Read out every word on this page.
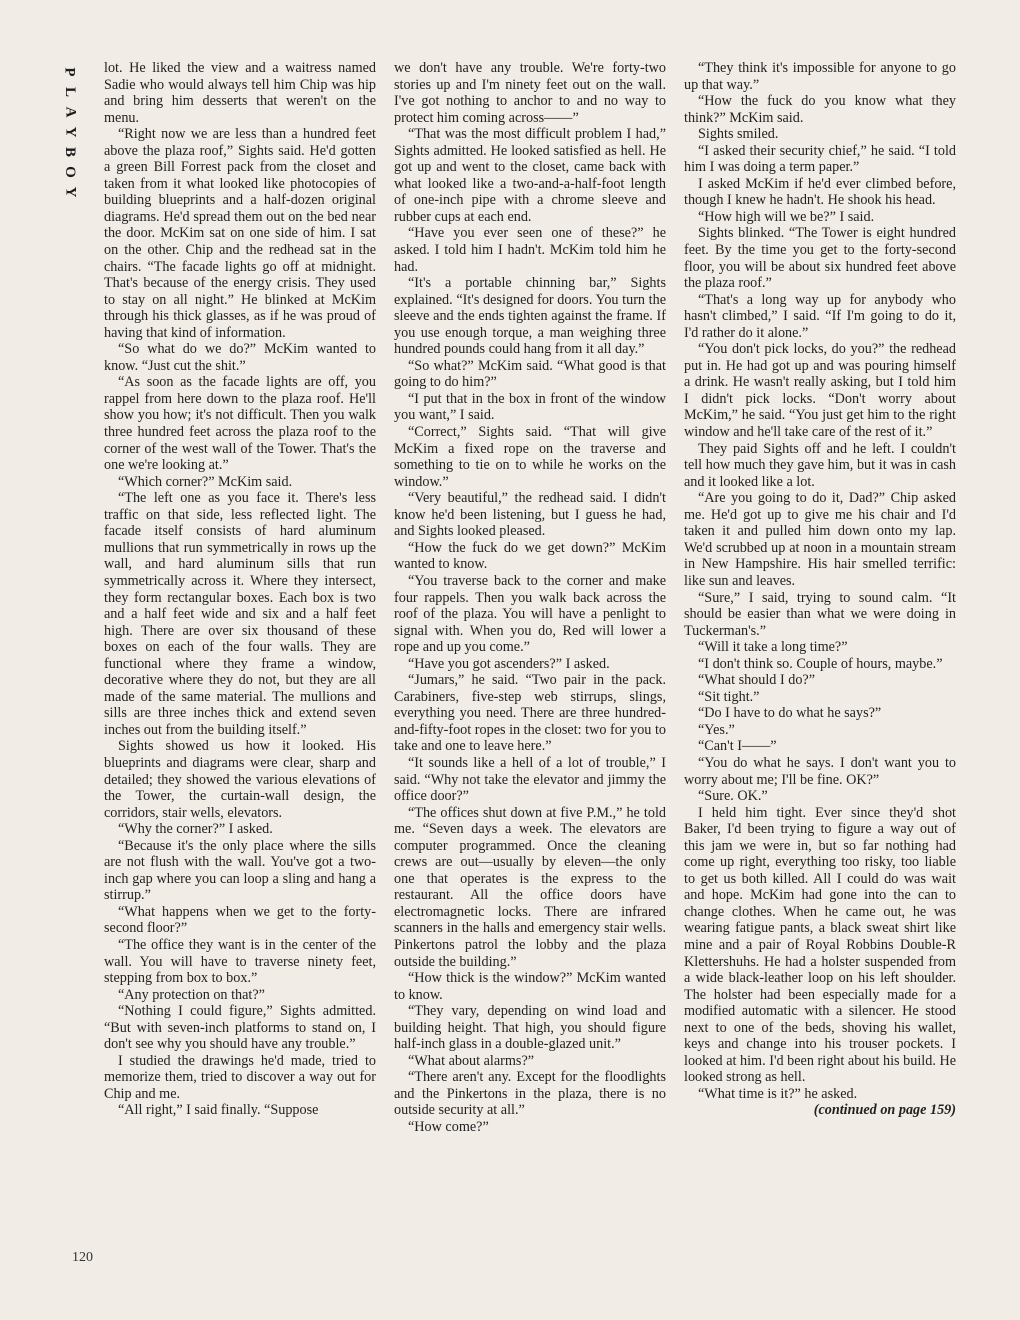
P
L
A
Y
B
O
Y

lot. He liked the view and a waitress named Sadie who would always tell him Chip was hip and bring him desserts that weren't on the menu.

“Right now we are less than a hundred feet above the plaza roof,” Sights said. He'd gotten a green Bill Forrest pack from the closet and taken from it what looked like photocopies of building blueprints and a half-dozen original diagrams. He'd spread them out on the bed near the door. McKim sat on one side of him. I sat on the other. Chip and the redhead sat in the chairs. “The facade lights go off at midnight. That's because of the energy crisis. They used to stay on all night.” He blinked at McKim through his thick glasses, as if he was proud of having that kind of information.

“So what do we do?” McKim wanted to know. “Just cut the shit.”

“As soon as the facade lights are off, you rappel from here down to the plaza roof. He'll show you how; it's not difficult. Then you walk three hundred feet across the plaza roof to the corner of the west wall of the Tower. That's the one we're looking at.”

“Which corner?” McKim said.

“The left one as you face it. There's less traffic on that side, less reflected light. The facade itself consists of hard aluminum mullions that run symmetrically in rows up the wall, and hard aluminum sills that run symmetrically across it. Where they intersect, they form rectangular boxes. Each box is two and a half feet wide and six and a half feet high. There are over six thousand of these boxes on each of the four walls. They are functional where they frame a window, decorative where they do not, but they are all made of the same material. The mullions and sills are three inches thick and extend seven inches out from the building itself.”

Sights showed us how it looked. His blueprints and diagrams were clear, sharp and detailed; they showed the various elevations of the Tower, the curtain-wall design, the corridors, stair wells, elevators.

“Why the corner?” I asked.

“Because it's the only place where the sills are not flush with the wall. You've got a two-inch gap where you can loop a sling and hang a stirrup.”

“What happens when we get to the forty-second floor?”

“The office they want is in the center of the wall. You will have to traverse ninety feet, stepping from box to box.”

“Any protection on that?”

“Nothing I could figure,” Sights admitted. “But with seven-inch platforms to stand on, I don't see why you should have any trouble.”

I studied the drawings he'd made, tried to memorize them, tried to discover a way out for Chip and me.

“All right,” I said finally. “Suppose

we don't have any trouble. We're forty-two stories up and I'm ninety feet out on the wall. I've got nothing to anchor to and no way to protect him coming across——”

“That was the most difficult problem I had,” Sights admitted. He looked satisfied as hell. He got up and went to the closet, came back with what looked like a two-and-a-half-foot length of one-inch pipe with a chrome sleeve and rubber cups at each end.

“Have you ever seen one of these?” he asked. I told him I hadn't. McKim told him he had.

“It's a portable chinning bar,” Sights explained. “It's designed for doors. You turn the sleeve and the ends tighten against the frame. If you use enough torque, a man weighing three hundred pounds could hang from it all day.”

“So what?” McKim said. “What good is that going to do him?”

“I put that in the box in front of the window you want,” I said.

“Correct,” Sights said. “That will give McKim a fixed rope on the traverse and something to tie on to while he works on the window.”

“Very beautiful,” the redhead said. I didn't know he'd been listening, but I guess he had, and Sights looked pleased.

“How the fuck do we get down?” McKim wanted to know.

“You traverse back to the corner and make four rappels. Then you walk back across the roof of the plaza. You will have a penlight to signal with. When you do, Red will lower a rope and up you come.”

“Have you got ascenders?” I asked.

“Jumars,” he said. “Two pair in the pack. Carabiners, five-step web stirrups, slings, everything you need. There are three hundred-and-fifty-foot ropes in the closet: two for you to take and one to leave here.”

“It sounds like a hell of a lot of trouble,” I said. “Why not take the elevator and jimmy the office door?”

“The offices shut down at five P.M.,” he told me. “Seven days a week. The elevators are computer programmed. Once the cleaning crews are out—usually by eleven—the only one that operates is the express to the restaurant. All the office doors have electromagnetic locks. There are infrared scanners in the halls and emergency stair wells. Pinkertons patrol the lobby and the plaza outside the building.”

“How thick is the window?” McKim wanted to know.

“They vary, depending on wind load and building height. That high, you should figure half-inch glass in a double-glazed unit.”

“What about alarms?”

“There aren't any. Except for the floodlights and the Pinkertons in the plaza, there is no outside security at all.”

“How come?”

“They think it's impossible for anyone to go up that way.”

“How the fuck do you know what they think?” McKim said.

Sights smiled.

“I asked their security chief,” he said. “I told him I was doing a term paper.”

I asked McKim if he'd ever climbed before, though I knew he hadn't. He shook his head.

“How high will we be?” I said.

Sights blinked. “The Tower is eight hundred feet. By the time you get to the forty-second floor, you will be about six hundred feet above the plaza roof.”

“That's a long way up for anybody who hasn't climbed,” I said. “If I'm going to do it, I'd rather do it alone.”

“You don't pick locks, do you?” the redhead put in. He had got up and was pouring himself a drink. He wasn't really asking, but I told him I didn't pick locks. “Don't worry about McKim,” he said. “You just get him to the right window and he'll take care of the rest of it.”

They paid Sights off and he left. I couldn't tell how much they gave him, but it was in cash and it looked like a lot.

“Are you going to do it, Dad?” Chip asked me. He'd got up to give me his chair and I'd taken it and pulled him down onto my lap. We'd scrubbed up at noon in a mountain stream in New Hampshire. His hair smelled terrific: like sun and leaves.

“Sure,” I said, trying to sound calm. “It should be easier than what we were doing in Tuckerman's.”

“Will it take a long time?”

“I don't think so. Couple of hours, maybe.”

“What should I do?”

“Sit tight.”

“Do I have to do what he says?”

“Yes.”

“Can't I——”

“You do what he says. I don't want you to worry about me; I'll be fine. OK?”

“Sure. OK.”

I held him tight. Ever since they'd shot Baker, I'd been trying to figure a way out of this jam we were in, but so far nothing had come up right, everything too risky, too liable to get us both killed. All I could do was wait and hope. McKim had gone into the can to change clothes. When he came out, he was wearing fatigue pants, a black sweat shirt like mine and a pair of Royal Robbins Double-R Klettershuhs. He had a holster suspended from a wide black-leather loop on his left shoulder. The holster had been especially made for a modified automatic with a silencer. He stood next to one of the beds, shoving his wallet, keys and change into his trouser pockets. I looked at him. I'd been right about his build. He looked strong as hell.

“What time is it?” he asked.

(continued on page 159)

120
